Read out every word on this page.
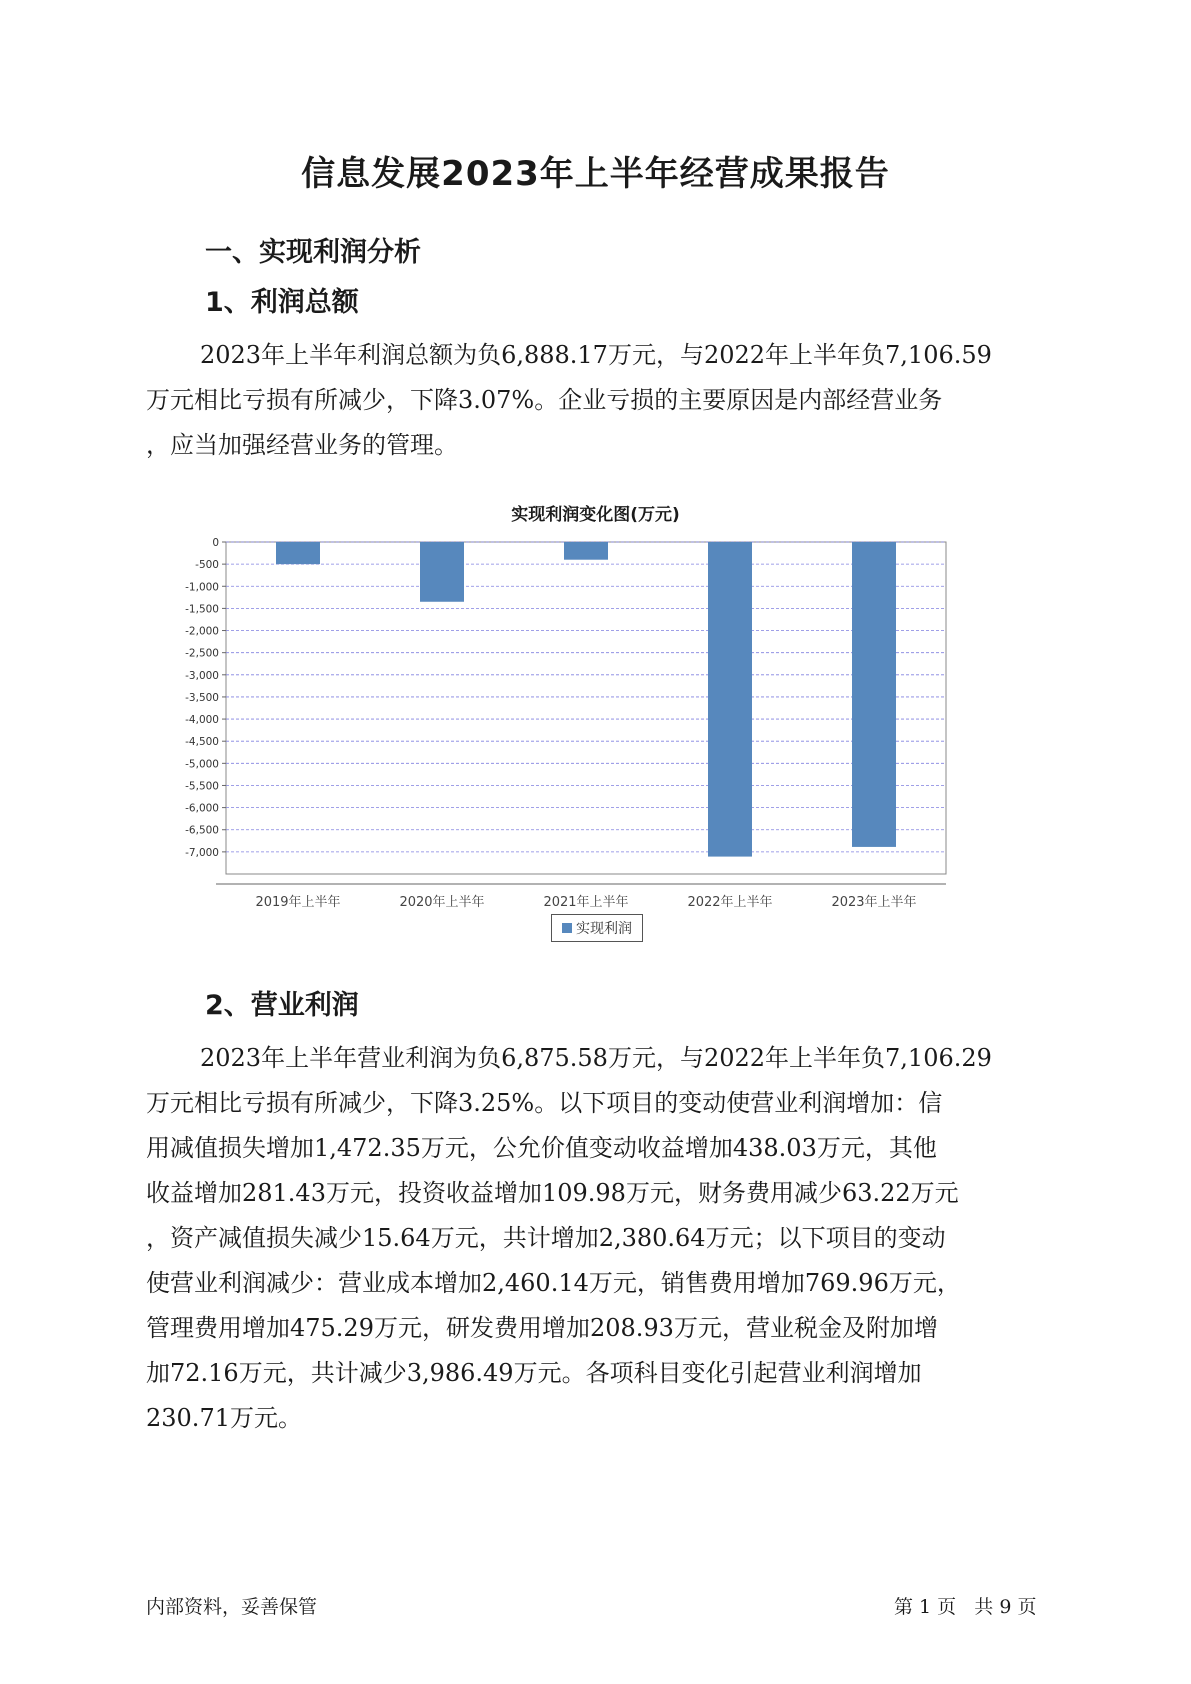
信息发展2023年上半年经营成果报告
一、实现利润分析
1、利润总额
2023年上半年利润总额为负6,888.17万元，与2022年上半年负7,106.59
万元相比亏损有所减少，下降3.07%。企业亏损的主要原因是内部经营业务
，应当加强经营业务的管理。
实现利润变化图(万元)
0
-500
-1,000
-1,500
-2,000
-2,500
-3,000
-3,500
-4,000
-4,500
-5,000
-5,500
-6,000
-6,500
-7,000
2019年上半年	2020年上半年	2021年上半年	2022年上半年	2023年上半年
实现利润
2、营业利润
2023年上半年营业利润为负6,875.58万元，与2022年上半年负7,106.29
万元相比亏损有所减少，下降3.25%。以下项目的变动使营业利润增加：信
用减值损失增加1,472.35万元，公允价值变动收益增加438.03万元，其他
收益增加281.43万元，投资收益增加109.98万元，财务费用减少63.22万元
，资产减值损失减少15.64万元，共计增加2,380.64万元；以下项目的变动
使营业利润减少：营业成本增加2,460.14万元，销售费用增加769.96万元，
管理费用增加475.29万元，研发费用增加208.93万元，营业税金及附加增
加72.16万元，共计减少3,986.49万元。各项科目变化引起营业利润增加
230.71万元。
内部资料，妥善保管	第 1 页   共 9 页
